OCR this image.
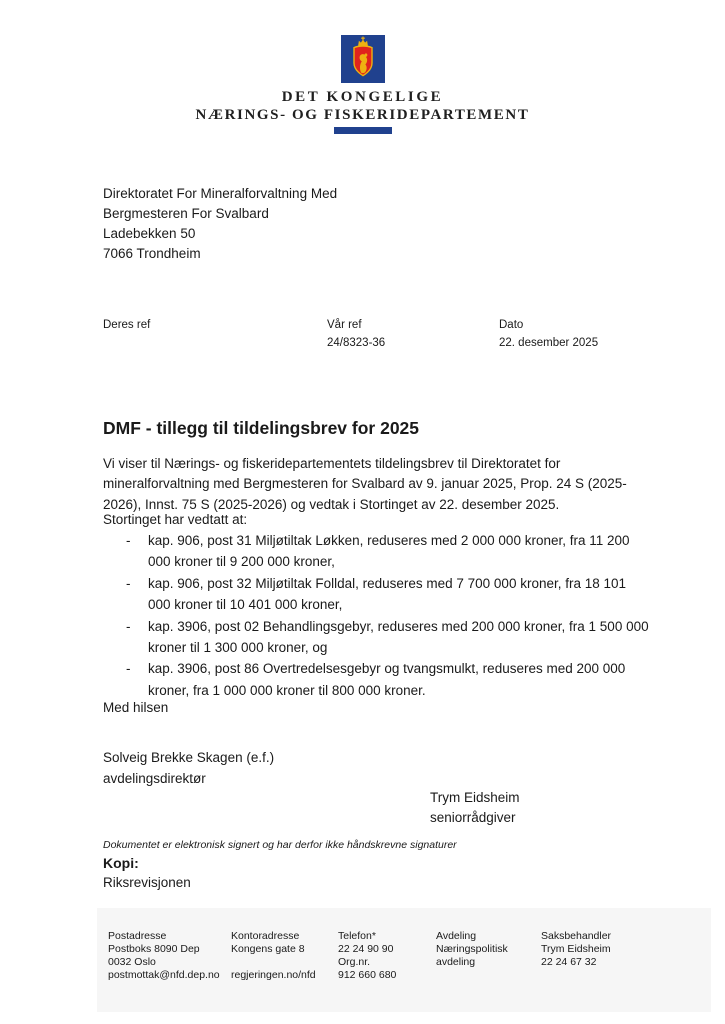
DET KONGELIGE
NÆRINGS- OG FISKERIDEPARTEMENT
Direktoratet For Mineralforvaltning Med
Bergmesteren For Svalbard
Ladebekken 50
7066 Trondheim
Deres ref	Vår ref
24/8323-36
Dato
22. desember 2025
DMF - tillegg til tildelingsbrev for 2025

Vi viser til Nærings- og fiskeridepartementets tildelingsbrev til Direktoratet for mineralforvaltning med Bergmesteren for Svalbard av 9. januar 2025, Prop. 24 S (2025-2026), Innst. 75 S (2025-2026) og vedtak i Stortinget av 22. desember 2025.

Stortinget har vedtatt at:
- kap. 906, post 31 Miljøtiltak Løkken, reduseres med 2 000 000 kroner, fra 11 200 000 kroner til 9 200 000 kroner,
- kap. 906, post 32 Miljøtiltak Folldal, reduseres med 7 700 000 kroner, fra 18 101 000 kroner til 10 401 000 kroner,
- kap. 3906, post 02 Behandlingsgebyr, reduseres med 200 000 kroner, fra 1 500 000 kroner til 1 300 000 kroner, og
- kap. 3906, post 86 Overtredelsesgebyr og tvangsmulkt, reduseres med 200 000 kroner, fra 1 000 000 kroner til 800 000 kroner.
Med hilsen
Solveig Brekke Skagen (e.f.)
avdelingsdirektør
Trym Eidsheim
seniorrådgiver
Dokumentet er elektronisk signert og har derfor ikke håndskrevne signaturer
Kopi:
Riksrevisjonen
Postadresse
Postboks 8090 Dep
0032 Oslo
postmottak@nfd.dep.no
Kontoradresse
Kongens gate 8
regjeringen.no/nfd
Telefon*
22 24 90 90
Org.nr.
912 660 680
Avdeling
Næringspolitisk
avdeling
Saksbehandler
Trym Eidsheim
22 24 67 32
